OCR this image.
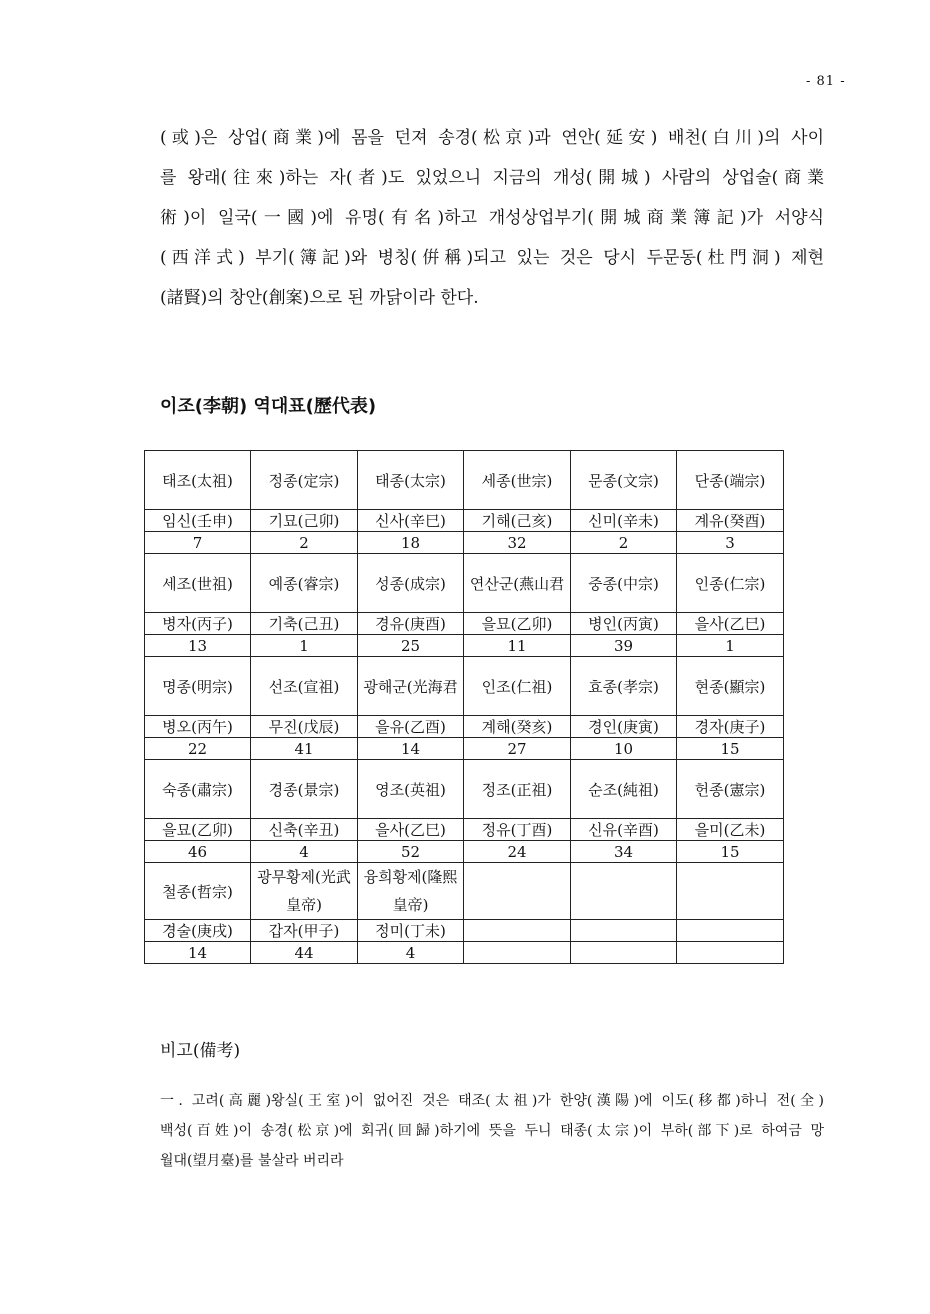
- 81 -
(或)은 상업(商業)에 몸을 던져 송경(松京)과 연안(延安) 배천(白川)의 사이
를 왕래(往來)하는 자(者)도 있었으니 지금의 개성(開城) 사람의 상업술(商業
術)이 일국(一國)에 유명(有名)하고 개성상업부기(開城商業簿記)가 서양식
(西洋式) 부기(簿記)와 병칭(倂稱)되고 있는 것은 당시 두문동(杜門洞) 제현
(諸賢)의 창안(創案)으로 된 까닭이라 한다.
이조(李朝) 역대표(歷代表)
태조(太祖)	정종(定宗)	태종(太宗)	세종(世宗)	문종(文宗)	단종(端宗)
임신(壬申)	기묘(己卯)	신사(辛巳)	기해(己亥)	신미(辛未)	계유(癸酉)
7	2	18	32	2	3
세조(世祖)	예종(睿宗)	성종(成宗)	연산군(燕山君	중종(中宗)	인종(仁宗)
병자(丙子)	기축(己丑)	경유(庚酉)	을묘(乙卯)	병인(丙寅)	을사(乙巳)
13	1	25	11	39	1
명종(明宗)	선조(宣祖)	광해군(光海君	인조(仁祖)	효종(孝宗)	현종(顯宗)
병오(丙午)	무진(戊辰)	을유(乙酉)	계해(癸亥)	경인(庚寅)	경자(庚子)
22	41	14	27	10	15
숙종(肅宗)	경종(景宗)	영조(英祖)	정조(正祖)	순조(純祖)	헌종(憲宗)
을묘(乙卯)	신축(辛丑)	을사(乙巳)	정유(丁酉)	신유(辛酉)	을미(乙未)
46	4	52	24	34	15
철종(哲宗)	광무황제(光武 皇帝)	융희황제(隆熙 皇帝)			
경술(庚戌)	갑자(甲子)	정미(丁未)			
14	44	4			
비고(備考)
一. 고려(高麗)왕실(王室)이 없어진 것은 태조(太祖)가 한양(漢陽)에 이도(移都)하니 전(全)
백성(百姓)이 송경(松京)에 회귀(回歸)하기에 뜻을 두니 태종(太宗)이 부하(部下)로 하여금 망
월대(望月臺)를 불살라 버리라
